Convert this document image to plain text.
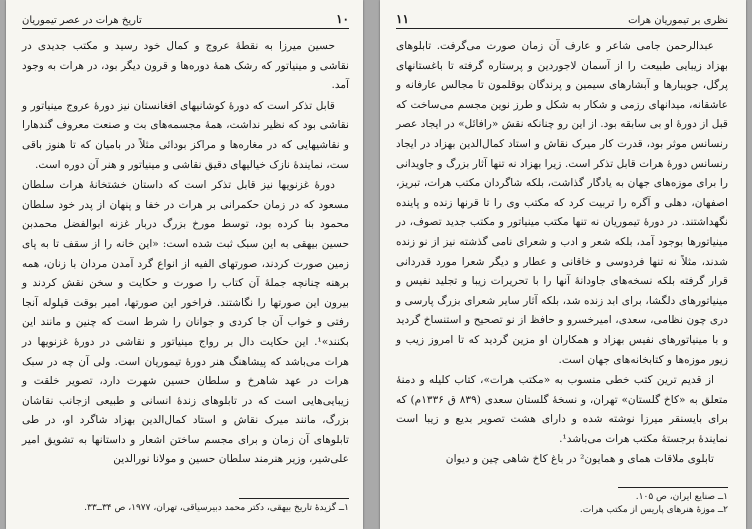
۱۰
تاریخ هرات در عصر تیموریان

حسین میرزا به نقطهٔ عروج و کمال خود رسید و مکتب جدیدی در نقاشی و مینیاتور که رشک همهٔ دوره‌ها و قرون دیگر بود، در هرات به وجود آمد.

قابل تذکر است که دورهٔ کوشانیهای افغانستان نیز دورهٔ عروج مینیاتور و نقاشی بود که نظیر نداشت، همهٔ مجسمه‌های بت و صنعت معروف گندهارا و نقاشیهایی که در مغاره‌ها و مراکز بودائی مثلاً در بامیان که تا هنوز باقی ست، نمایندهٔ نازک خیالیهای دقیق نقاشی و مینیاتور و هنر آن دوره است.

دورهٔ غزنویها نیز قابل تذکر است که داستان خشتخانهٔ هرات سلطان مسعود که در زمان حکمرانی بر هرات در خفا و پنهان از پدر خود سلطان محمود بنا کرده بود، توسط مورخ بزرگ دربار غزنه ابوالفضل محمدبن حسین بیهقی به این سبک ثبت شده است: «این خانه را از سقف تا به پای زمین صورت کردند، صورتهای الفیه از انواع گرد آمدن مردان با زنان، همه برهنه چنانچه جملهٔ آن کتاب را صورت و حکایت و سخن نقش کردند و بیرون این صورتها را نگاشتند. فراخور این صورتها، امیر بوقت قیلوله آنجا رفتی و خواب آن جا کردی و جوانان را شرط است که چنین و مانند این بکنند»¹. این حکایت دال بر رواج مینیاتور و نقاشی در دورهٔ غزنویها در هرات می‌باشد که پیشاهنگ هنر دورهٔ تیموریان است. ولی آن چه در سبک هرات در عهد شاهرخ و سلطان حسین شهرت دارد، تصویر خلقت و زیبایی‌هایی است که در تابلوهای زندهٔ انسانی و طبیعی ازجانب نقاشان بزرگ، مانند میرک نقاش و استاد کمال‌الدین بهزاد شاگرد او، در طی تابلوهای آن زمان و برای مجسم ساختن اشعار و داستانها به تشویق امیر علی‌شیر، وزیر هنرمند سلطان حسین و مولانا نورالدین

۱ــ گزیدهٔ تاریخ بیهقی، دکتر محمد دبیرسیاقی، تهران، ۱۹۷۷، ص ۳۴ــ۳۳.
نظری بر تیموریان هرات
۱۱

عبدالرحمن جامی شاعر و عارف آن زمان صورت می‌گرفت. تابلوهای بهزاد زیبایی طبیعت را از آسمان لاجوردین و پرستاره گرفته تا باغستانهای پرگل، جویبارها و آبشارهای سیمین و پرندگان بوقلمون تا مجالس عارفانه و عاشقانه، میدانهای رزمی و شکار به شکل و طرز نوین مجسم می‌ساخت که قبل از دورهٔ او بی سابقه بود. از این رو چنانکه نقش «رافائل» در ایجاد عصر رنسانس موثر بود، قدرت کار میرک نقاش و استاد کمال‌الدین بهزاد در ایجاد رنسانس دورهٔ هرات قابل تذکر است. زیرا بهزاد نه تنها آثار بزرگ و جاویدانی را برای موزه‌های جهان به یادگار گذاشت، بلکه شاگردان مکتب هرات، تبریز، اصفهان، دهلی و آگره را تربیت کرد که مکتب وی را تا قرنها زنده و پاینده نگهداشتند. در دورهٔ تیموریان نه تنها مکتب مینیاتور و مکتب جدید تصوف، در مینیاتورها بوجود آمد، بلکه شعر و ادب و شعرای نامی گذشته نیز از نو زنده شدند، مثلاً نه تنها فردوسی و خاقانی و عطار و دیگر شعرا مورد قدردانی قرار گرفته بلکه نسخه‌های جاودانهٔ آنها را با تحریرات زیبا و تجلید نفیس و مینیاتورهای دلگشا، برای ابد زنده شد، بلکه آثار سایر شعرای بزرگ پارسی و دری چون نظامی، سعدی، امیرخسرو و حافظ از نو تصحیح و استنساخ گردید و با مینیاتورهای نفیس بهزاد و همکاران او مزین گردید که تا امروز زیب و زیور موزه‌ها و کتابخانه‌های جهان است.

از قدیم ترین کتب خطی منسوب به «مکتب هرات»، کتاب کلیله و دمنهٔ متعلق به «کاخ گلستان» تهران، و نسخهٔ گلستان سعدی (۸۳۹ ق ۱۳۳۶م) که برای بایسنقر میرزا نوشته شده و دارای هشت تصویر بدیع و زیبا است نمایندهٔ برجستهٔ مکتب هرات می‌باشد¹.

تابلوی ملاقات همای و همایون² در باغ کاخ شاهی چین و دیوان

۱ــ صنایع ایران، ص ۱۰۵.
۲ــ موزهٔ هنرهای پاریس از مکتب هرات.
